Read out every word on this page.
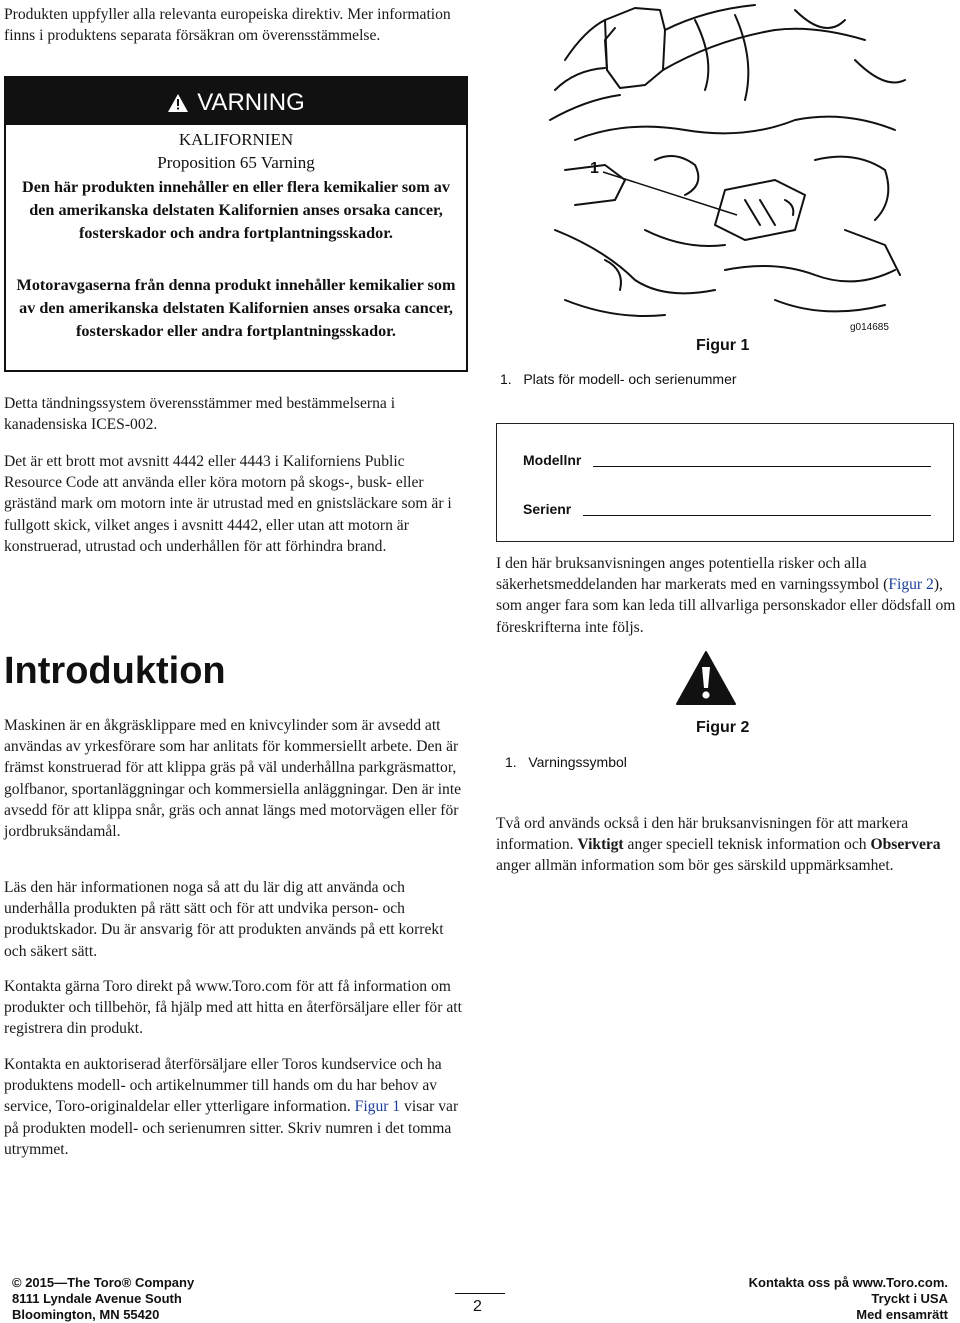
Produkten uppfyller alla relevanta europeiska direktiv. Mer information finns i produktens separata försäkran om överensstämmelse.
VARNING
KALIFORNIEN
Proposition 65 Varning
Den här produkten innehåller en eller flera kemikalier som av den amerikanska delstaten Kalifornien anses orsaka cancer, fosterskador och andra fortplantningsskador.
Motoravgaserna från denna produkt innehåller kemikalier som av den amerikanska delstaten Kalifornien anses orsaka cancer, fosterskador eller andra fortplantningsskador.
Detta tändningssystem överensstämmer med bestämmelserna i kanadensiska ICES-002.
Det är ett brott mot avsnitt 4442 eller 4443 i Kaliforniens Public Resource Code att använda eller köra motorn på skogs-, busk- eller gräständ mark om motorn inte är utrustad med en gnistsläckare som är i fullgott skick, vilket anges i avsnitt 4442, eller utan att motorn är konstruerad, utrustad och underhållen för att förhindra brand.
Introduktion
Maskinen är en åkgräsklippare med en knivcylinder som är avsedd att användas av yrkesförare som har anlitats för kommersiellt arbete. Den är främst konstruerad för att klippa gräs på väl underhållna parkgräsmattor, golfbanor, sportanläggningar och kommersiella anläggningar. Den är inte avsedd för att klippa snår, gräs och annat längs med motorvägen eller för jordbruksändamål.
Läs den här informationen noga så att du lär dig att använda och underhålla produkten på rätt sätt och för att undvika person- och produktskador. Du är ansvarig för att produkten används på ett korrekt och säkert sätt.
Kontakta gärna Toro direkt på www.Toro.com för att få information om produkter och tillbehör, få hjälp med att hitta en återförsäljare eller för att registrera din produkt.
Kontakta en auktoriserad återförsäljare eller Toros kundservice och ha produktens modell- och artikelnummer till hands om du har behov av service, Toro-originaldelar eller ytterligare information. Figur 1 visar var på produkten modell- och serienumren sitter. Skriv numren i det tomma utrymmet.
1
g014685
Figur 1
1.   Plats för modell- och serienummer
Modellnr
Serienr
I den här bruksanvisningen anges potentiella risker och alla säkerhetsmeddelanden har markerats med en varningssymbol (Figur 2), som anger fara som kan leda till allvarliga personskador eller dödsfall om föreskrifterna inte följs.
Figur 2
1.   Varningssymbol
Två ord används också i den här bruksanvisningen för att markera information. Viktigt anger speciell teknisk information och Observera anger allmän information som bör ges särskild uppmärksamhet.
© 2015—The Toro® Company
8111 Lyndale Avenue South
Bloomington, MN 55420	2
Kontakta oss på www.Toro.com.
Tryckt i USA
Med ensamrätt
